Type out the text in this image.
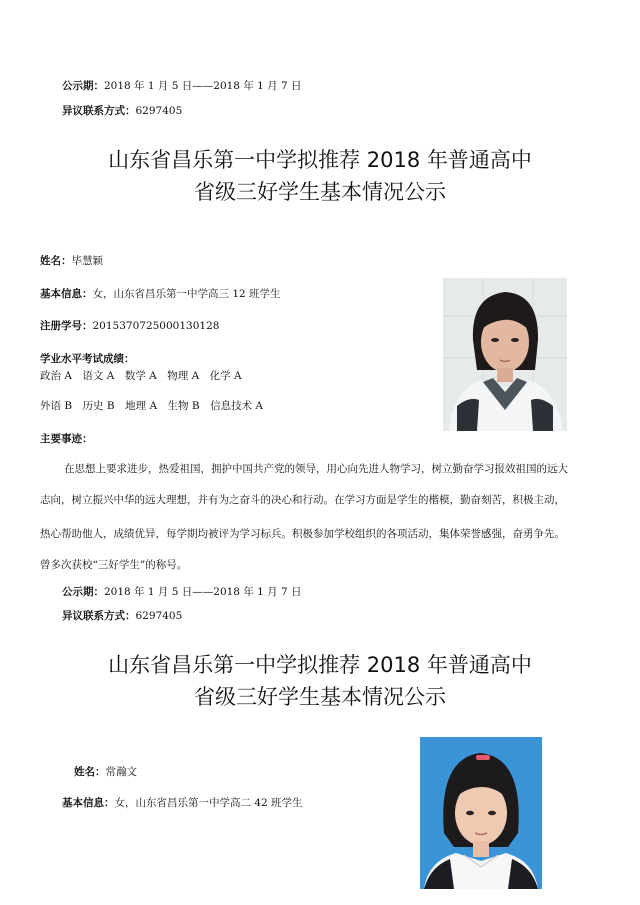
公示期：2018 年 1 月 5 日——2018 年 1 月 7 日
异议联系方式：6297405
山东省昌乐第一中学拟推荐 2018 年普通高中
省级三好学生基本情况公示
姓名：毕慧颖
基本信息：女，山东省昌乐第一中学高三 12 班学生
注册学号：2015370725000130128
学业水平考试成绩：
政治 A　语文 A　数学 A　物理 A　化学 A
外语 B　历史 B　地理 A　生物 B　信息技术 A
主要事迹：
在思想上要求进步，热爱祖国，拥护中国共产党的领导，用心向先进人物学习，树立勤奋学习报效祖国的远大
志向，树立振兴中华的远大理想，并有为之奋斗的决心和行动。在学习方面是学生的楷模，勤奋刻苦，积极主动，
热心帮助他人，成绩优异，每学期均被评为学习标兵。积极参加学校组织的各项活动，集体荣誉感强，奋勇争先。
曾多次获校“三好学生”的称号。
公示期：2018 年 1 月 5 日——2018 年 1 月 7 日
异议联系方式：6297405
山东省昌乐第一中学拟推荐 2018 年普通高中
省级三好学生基本情况公示
姓名：常瀚文
基本信息：女，山东省昌乐第一中学高二 42 班学生
